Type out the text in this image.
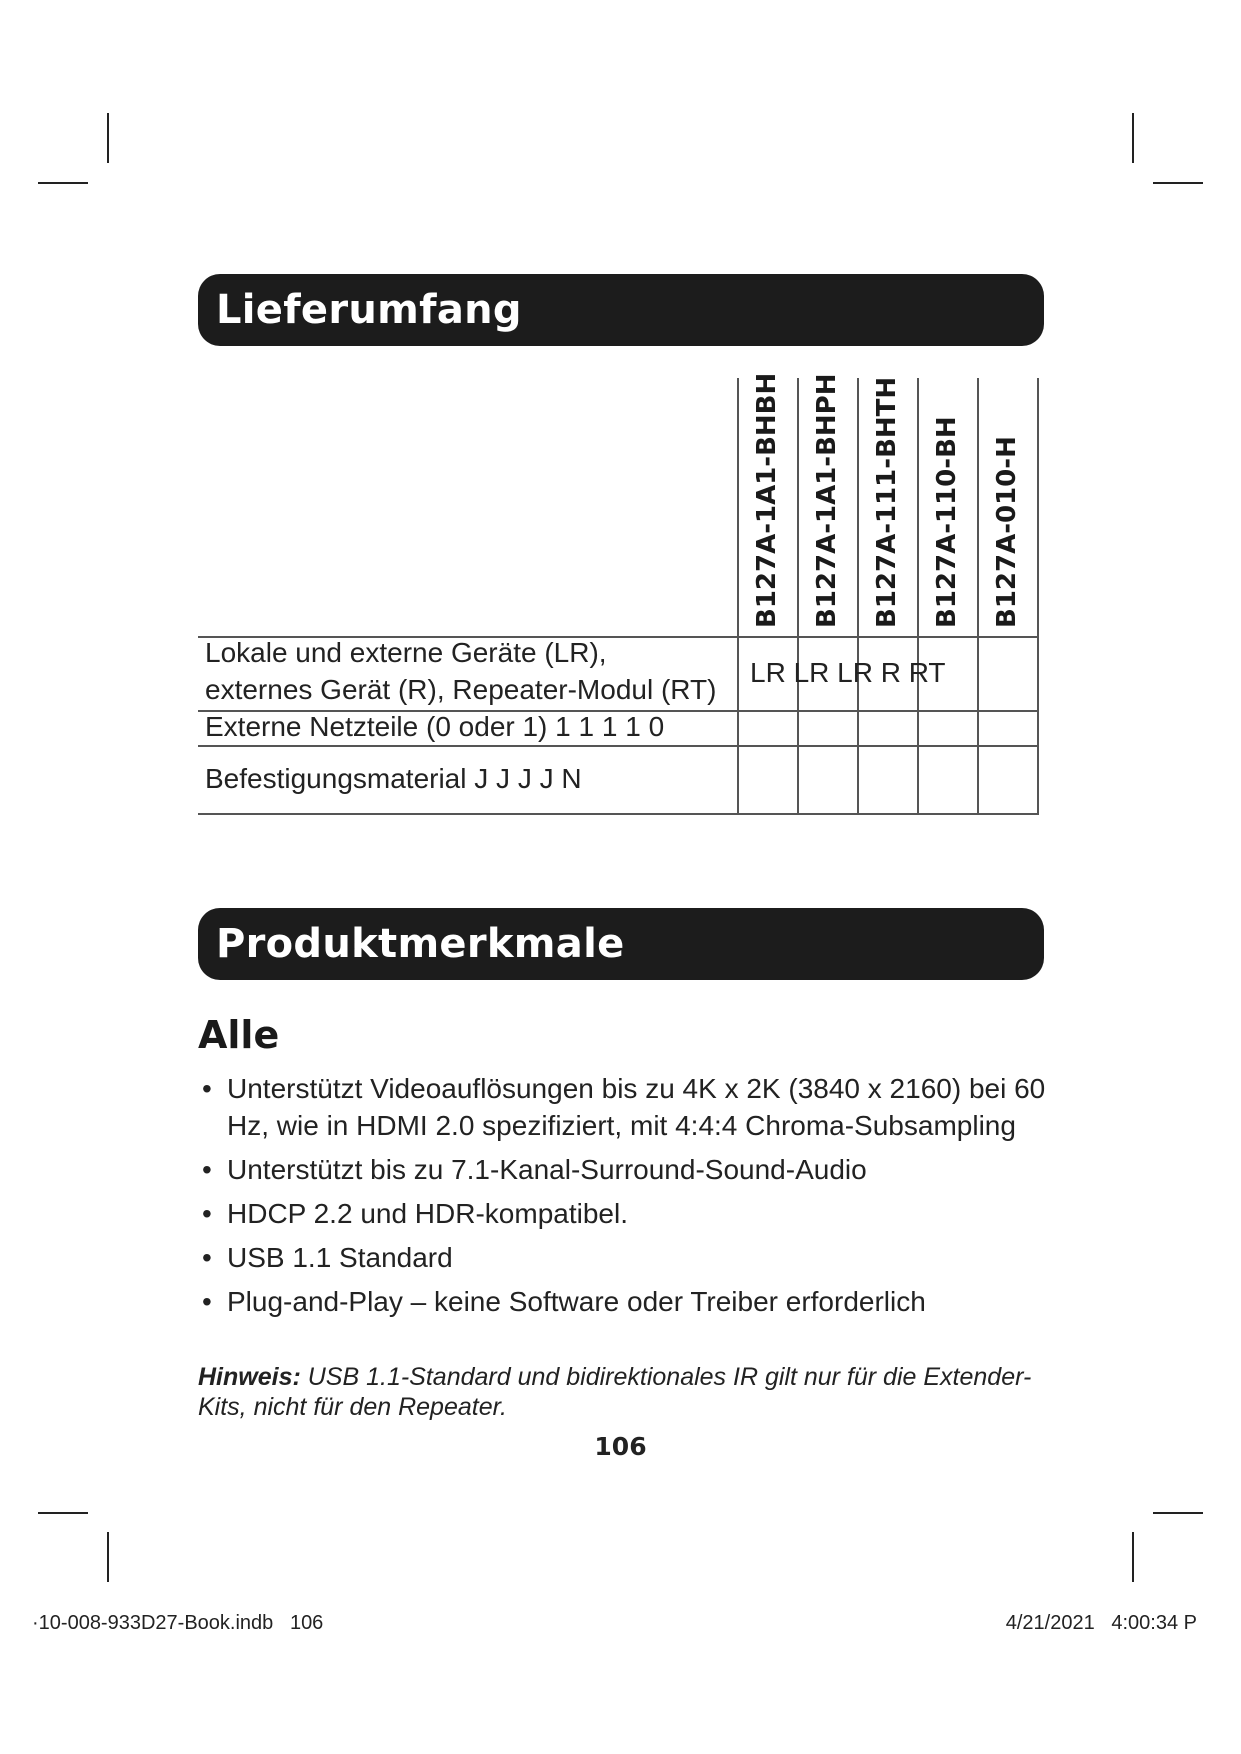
Lieferumfang
B127A-1A1-BHBH B127A-1A1-BHPH B127A-111-BHTH B127A-110-BH B127A-010-H
Lokale und externe Geräte (LR),
externes Gerät (R), Repeater-Modul (RT)
LR LR LR R RT
Externe Netzteile (0 oder 1) 1 1 1 1 0
Befestigungsmaterial J J J J N
Produktmerkmale
Alle
• Unterstützt Videoauflösungen bis zu 4K x 2K (3840 x 2160) bei 60 Hz, wie in HDMI 2.0 spezifiziert, mit 4:4:4 Chroma-Subsampling
• Unterstützt bis zu 7.1-Kanal-Surround-Sound-Audio
• HDCP 2.2 und HDR-kompatibel.
• USB 1.1 Standard
• Plug-and-Play – keine Software oder Treiber erforderlich
Hinweis: USB 1.1-Standard und bidirektionales IR gilt nur für die Extender-Kits, nicht für den Repeater.
106
·10-008-933D27-Book.indb   106	4/21/2021   4:00:34 P
